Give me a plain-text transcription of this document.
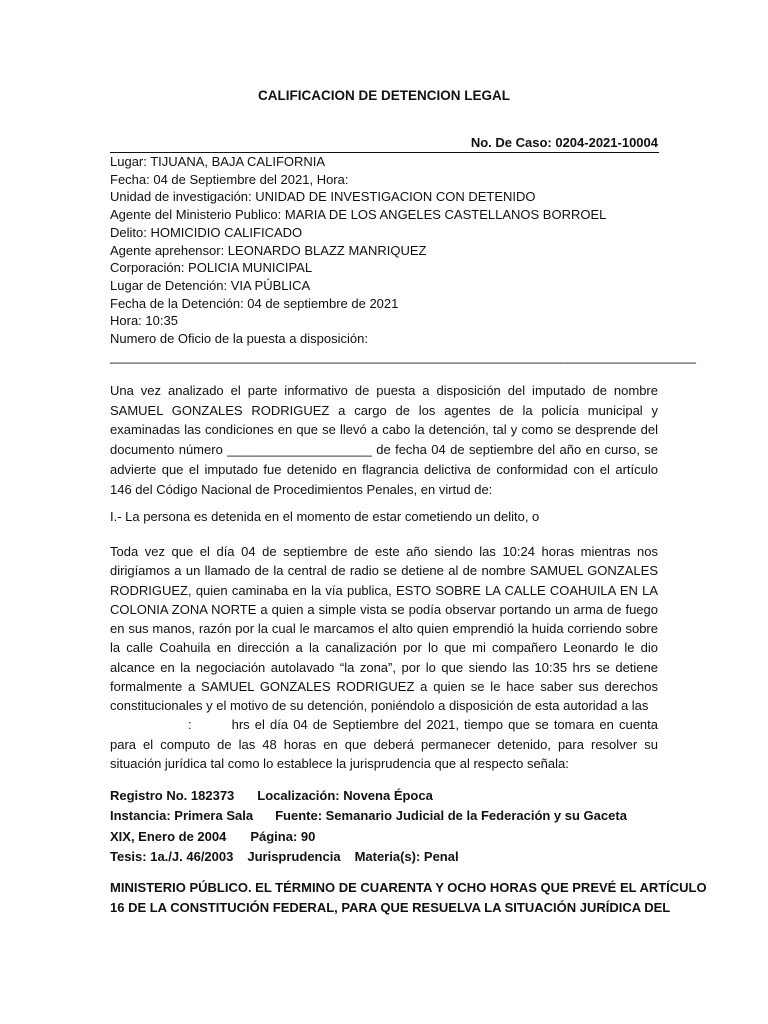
CALIFICACION DE DETENCION LEGAL
No. De Caso: 0204-2021-10004
Lugar: TIJUANA, BAJA CALIFORNIA
Fecha: 04 de Septiembre del 2021, Hora:
Unidad de investigación: UNIDAD DE INVESTIGACION CON DETENIDO
Agente del Ministerio Publico: MARIA DE LOS ANGELES CASTELLANOS BORROEL
Delito: HOMICIDIO CALIFICADO
Agente aprehensor: LEONARDO BLAZZ MANRIQUEZ
Corporación: POLICIA MUNICIPAL
Lugar de Detención: VIA PÚBLICA
Fecha de la Detención: 04 de septiembre de 2021
Hora: 10:35
Numero de Oficio de la puesta a disposición:
_______________________________________________________________________________________
Una vez analizado el parte informativo de puesta a disposición del imputado de nombre SAMUEL GONZALES RODRIGUEZ a cargo de los agentes de la policía municipal y examinadas las condiciones en que se llevó a cabo la detención, tal y como se desprende del documento número ____________________ de fecha 04 de septiembre del año en curso, se advierte que el imputado fue detenido en flagrancia delictiva de conformidad con el artículo 146 del Código Nacional de Procedimientos Penales, en virtud de:
I.- La persona es detenida en el momento de estar cometiendo un delito, o
Toda vez que el día 04 de septiembre de este año siendo las 10:24 horas mientras nos dirigíamos a un llamado de la central de radio se detiene al de nombre SAMUEL GONZALES RODRIGUEZ, quien caminaba en la vía publica, ESTO SOBRE LA CALLE COAHUILA EN LA COLONIA ZONA NORTE a quien a simple vista se podía observar portando un arma de fuego en sus manos, razón por la cual le marcamos el alto quien emprendió la huida corriendo sobre la calle Coahuila en dirección a la canalización por lo que mi compañero Leonardo le dio alcance en la negociación autolavado “la zona”, por lo que siendo las 10:35 hrs se detiene formalmente a SAMUEL GONZALES RODRIGUEZ a quien se le hace saber sus derechos constitucionales y el motivo de su detención, poniéndolo a disposición de esta autoridad a las
:	hrs el día 04 de Septiembre del 2021, tiempo que se tomara en cuenta para el computo de las 48 horas en que deberá permanecer detenido, para resolver su situación jurídica tal como lo establece la jurisprudencia que al respecto señala:
Registro No. 182373 Localización: Novena Época
Instancia: Primera Sala Fuente: Semanario Judicial de la Federación y su Gaceta
XIX, Enero de 2004 Página: 90
Tesis: 1a./J. 46/2003 Jurisprudencia Materia(s): Penal
MINISTERIO PÚBLICO. EL TÉRMINO DE CUARENTA Y OCHO HORAS QUE PREVÉ EL ARTÍCULO
16 DE LA CONSTITUCIÓN FEDERAL, PARA QUE RESUELVA LA SITUACIÓN JURÍDICA DEL
